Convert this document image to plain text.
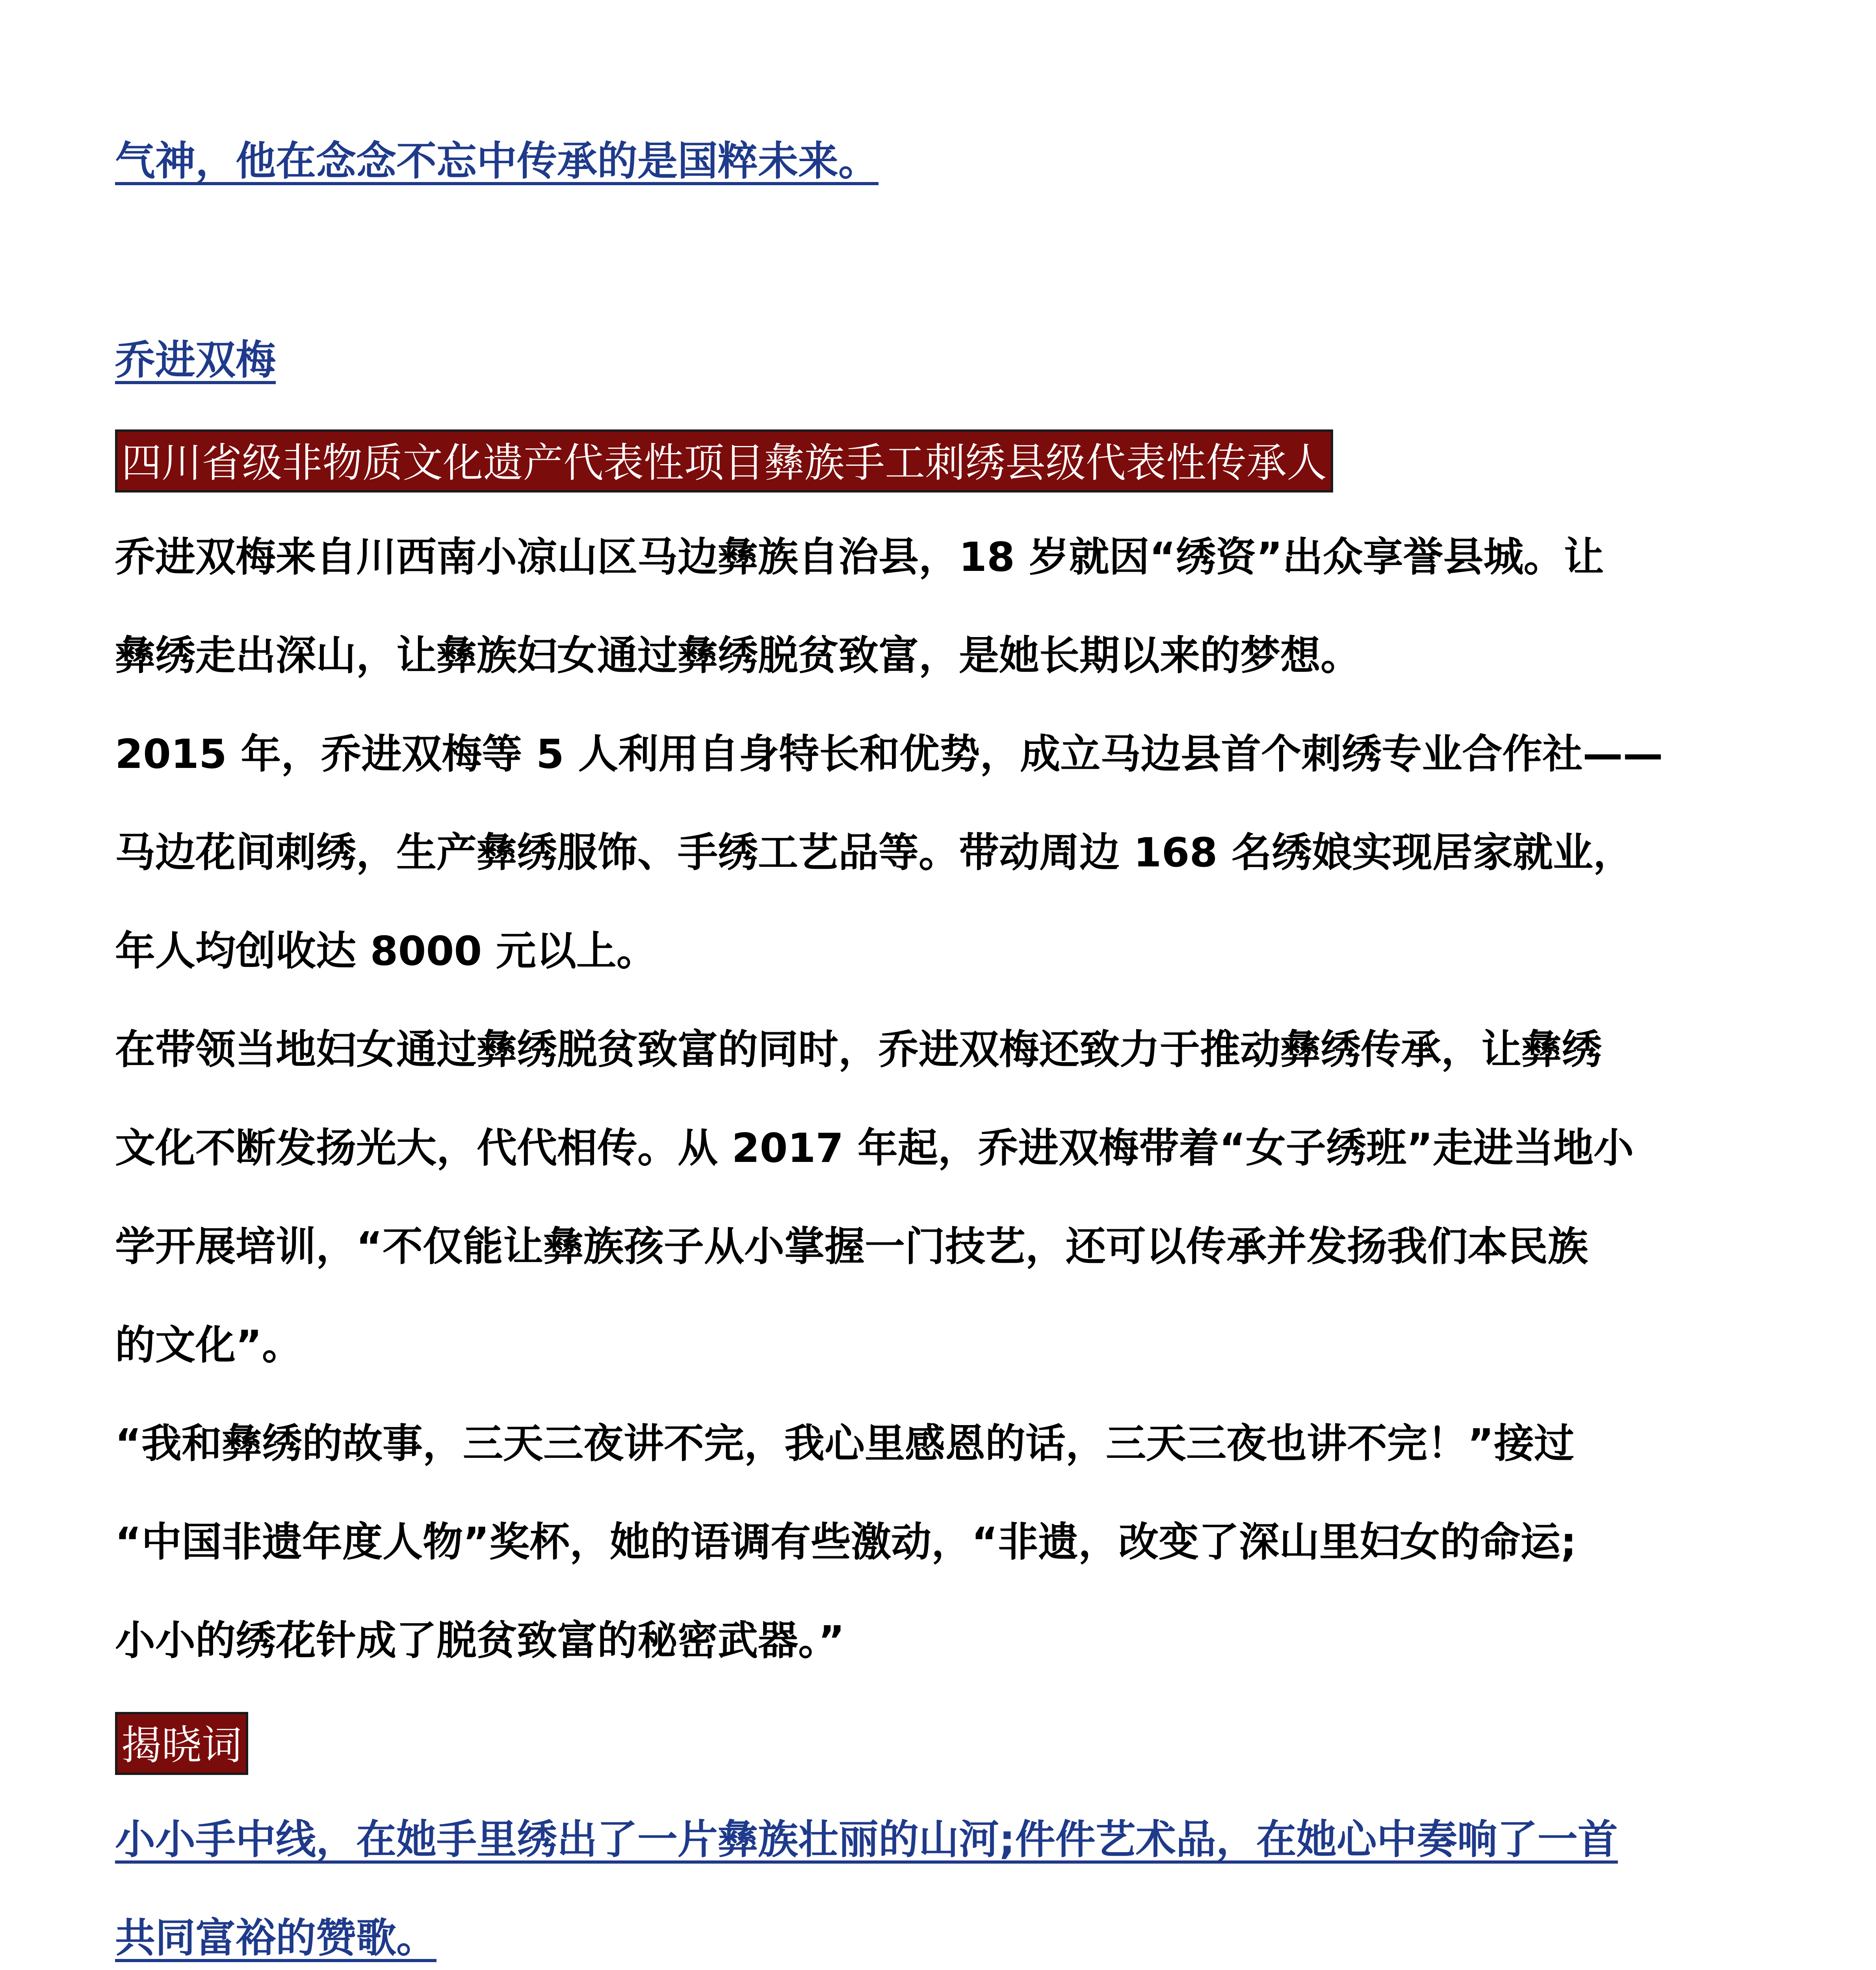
气神，他在念念不忘中传承的是国粹未来。
乔进双梅
四川省级非物质文化遗产代表性项目彝族手工刺绣县级代表性传承人
乔进双梅来自川西南小凉山区马边彝族自治县，18 岁就因“绣资”出众享誉县城。让
彝绣走出深山，让彝族妇女通过彝绣脱贫致富，是她长期以来的梦想。
2015 年，乔进双梅等 5 人利用自身特长和优势，成立马边县首个刺绣专业合作社——
马边花间刺绣，生产彝绣服饰、手绣工艺品等。带动周边 168 名绣娘实现居家就业，
年人均创收达 8000 元以上。
在带领当地妇女通过彝绣脱贫致富的同时，乔进双梅还致力于推动彝绣传承，让彝绣
文化不断发扬光大，代代相传。从 2017 年起，乔进双梅带着“女子绣班”走进当地小
学开展培训，“不仅能让彝族孩子从小掌握一门技艺，还可以传承并发扬我们本民族
的文化”。
“我和彝绣的故事，三天三夜讲不完，我心里感恩的话，三天三夜也讲不完！”接过
“中国非遗年度人物”奖杯，她的语调有些激动，“非遗，改变了深山里妇女的命运;
小小的绣花针成了脱贫致富的秘密武器。”
揭晓词
小小手中线，在她手里绣出了一片彝族壮丽的山河;件件艺术品，在她心中奏响了一首
共同富裕的赞歌。
